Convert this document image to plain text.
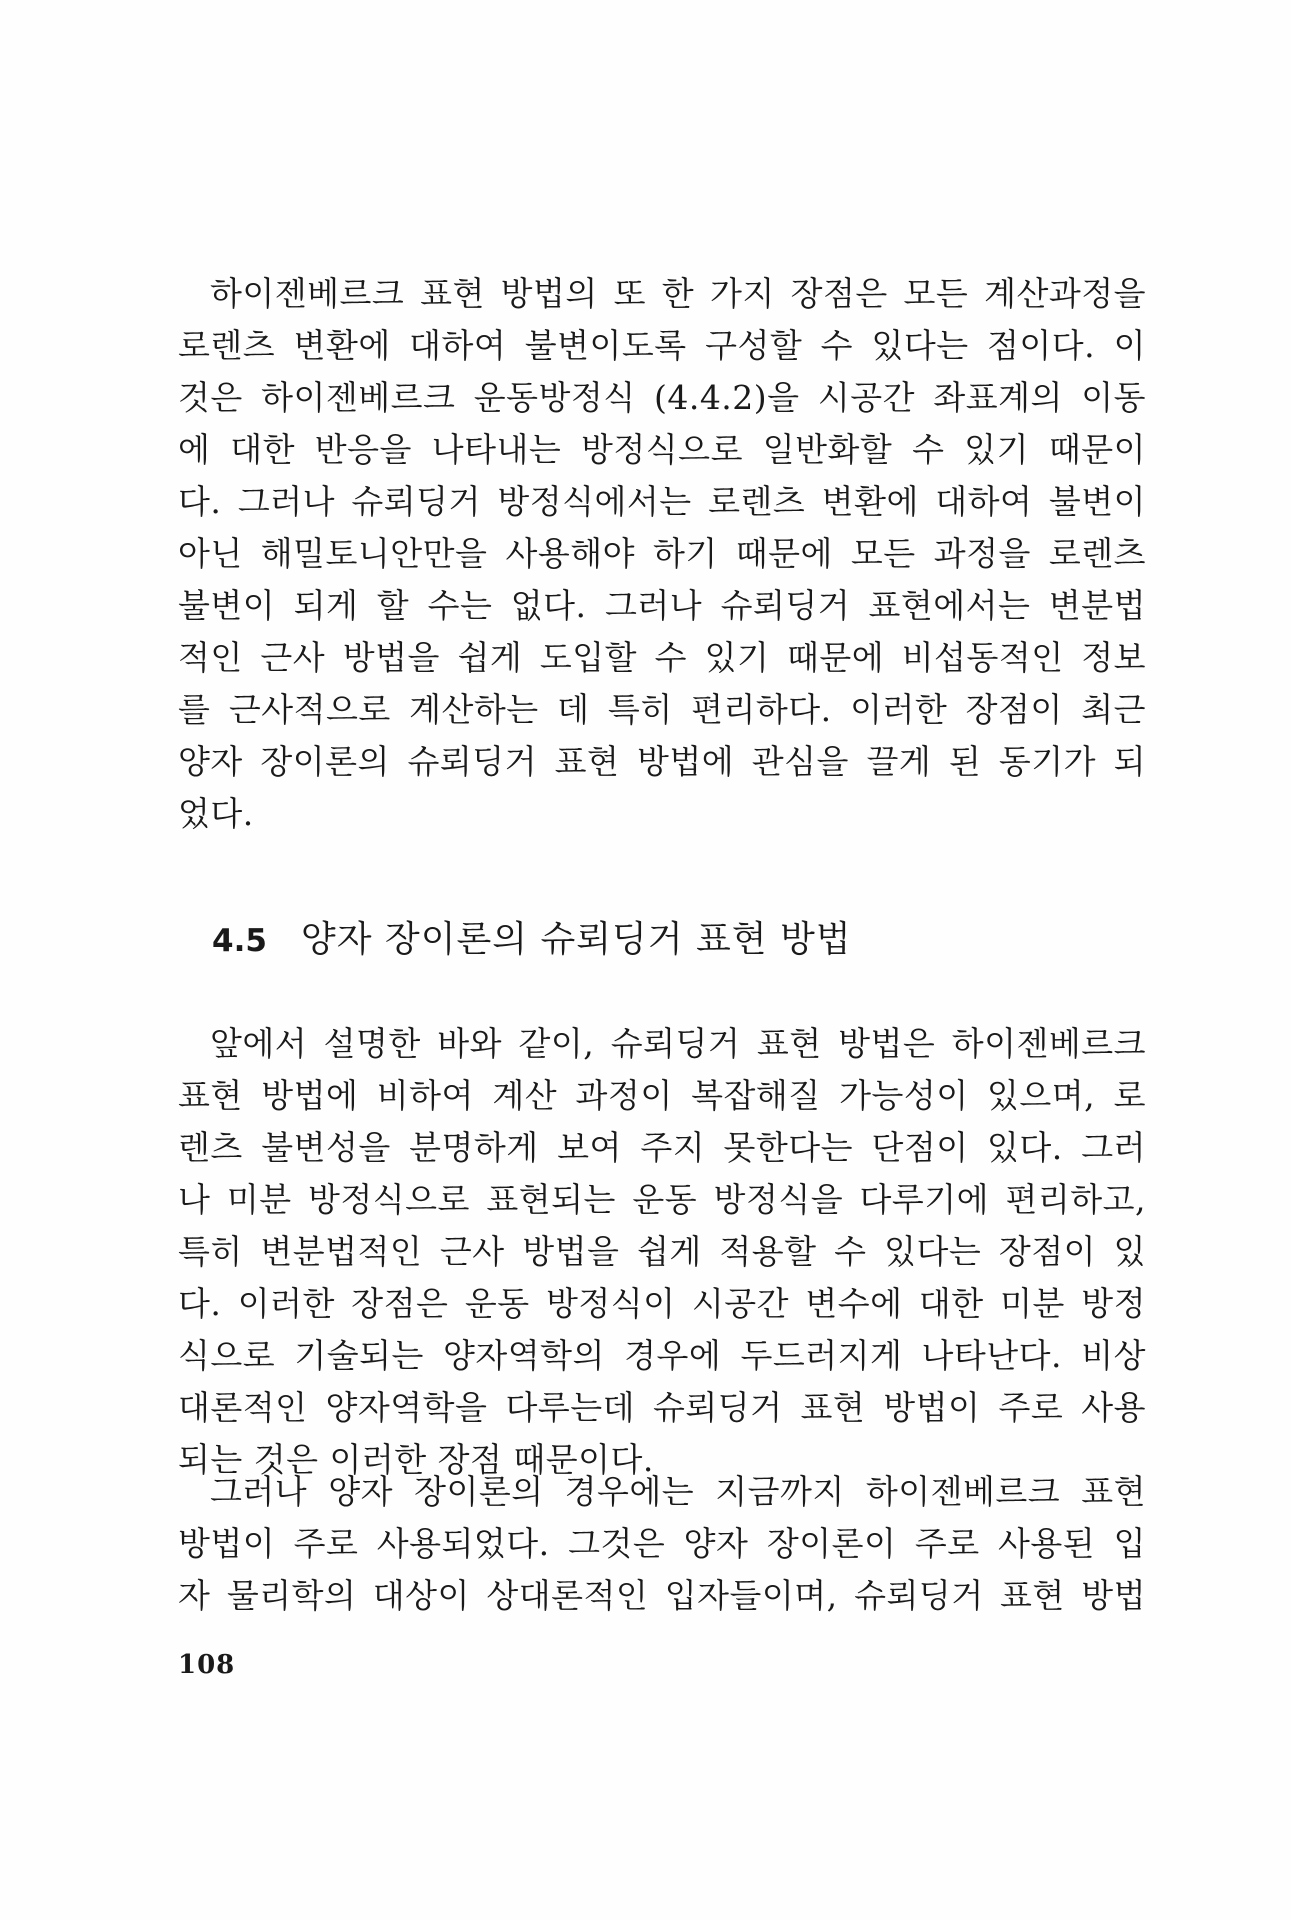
하이젠베르크 표현 방법의 또 한 가지 장점은 모든 계산과정을
로렌츠 변환에 대하여 불변이도록 구성할 수 있다는 점이다. 이
것은 하이젠베르크 운동방정식 (4.4.2)을 시공간 좌표계의 이동
에 대한 반응을 나타내는 방정식으로 일반화할 수 있기 때문이
다. 그러나 슈뢰딩거 방정식에서는 로렌츠 변환에 대하여 불변이
아닌 해밀토니안만을 사용해야 하기 때문에 모든 과정을 로렌츠
불변이 되게 할 수는 없다. 그러나 슈뢰딩거 표현에서는 변분법
적인 근사 방법을 쉽게 도입할 수 있기 때문에 비섭동적인 정보
를 근사적으로 계산하는 데 특히 편리하다. 이러한 장점이 최근
양자 장이론의 슈뢰딩거 표현 방법에 관심을 끌게 된 동기가 되
었다.
4.5 양자 장이론의 슈뢰딩거 표현 방법
앞에서 설명한 바와 같이, 슈뢰딩거 표현 방법은 하이젠베르크
표현 방법에 비하여 계산 과정이 복잡해질 가능성이 있으며, 로
렌츠 불변성을 분명하게 보여 주지 못한다는 단점이 있다. 그러
나 미분 방정식으로 표현되는 운동 방정식을 다루기에 편리하고,
특히 변분법적인 근사 방법을 쉽게 적용할 수 있다는 장점이 있
다. 이러한 장점은 운동 방정식이 시공간 변수에 대한 미분 방정
식으로 기술되는 양자역학의 경우에 두드러지게 나타난다. 비상
대론적인 양자역학을 다루는데 슈뢰딩거 표현 방법이 주로 사용
되는 것은 이러한 장점 때문이다.
그러나 양자 장이론의 경우에는 지금까지 하이젠베르크 표현
방법이 주로 사용되었다. 그것은 양자 장이론이 주로 사용된 입
자 물리학의 대상이 상대론적인 입자들이며, 슈뢰딩거 표현 방법
108
